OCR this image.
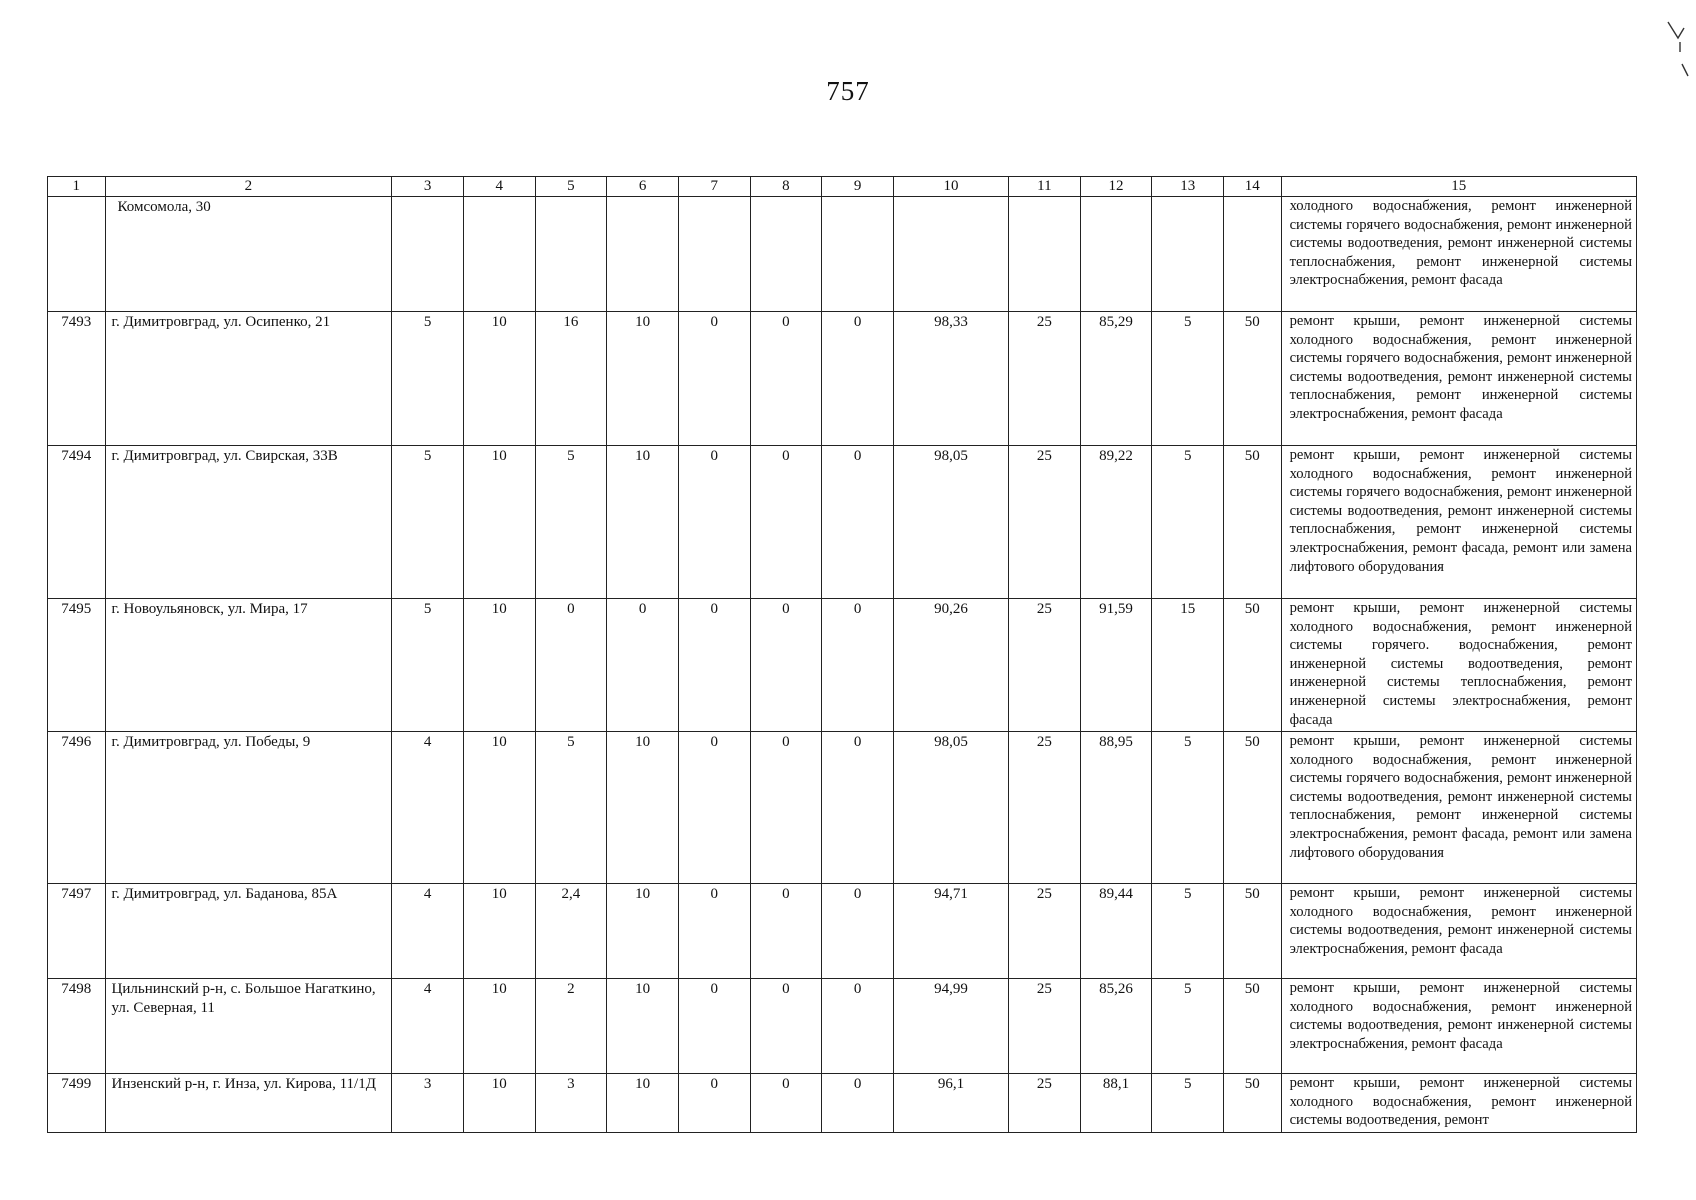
757
1	2	3	4	5	6	7	8	9	10	11	12	13	14	15
	Комсомола, 30													холодного водоснабжения, ремонт инженерной системы горячего водоснабжения, ремонт инженерной системы водоотведения, ремонт инженерной системы теплоснабжения, ремонт инженерной системы электроснабжения, ремонт фасада
7493	г. Димитровград, ул. Осипенко, 21	5	10	16	10	0	0	0	98,33	25	85,29	5	50	ремонт крыши, ремонт инженерной системы холодного водоснабжения, ремонт инженерной системы горячего водоснабжения, ремонт инженерной системы водоотведения, ремонт инженерной системы теплоснабжения, ремонт инженерной системы электроснабжения, ремонт фасада
7494	г. Димитровград, ул. Свирская, 33В	5	10	5	10	0	0	0	98,05	25	89,22	5	50	ремонт крыши, ремонт инженерной системы холодного водоснабжения, ремонт инженерной системы горячего водоснабжения, ремонт инженерной системы водоотведения, ремонт инженерной системы теплоснабжения, ремонт инженерной системы электроснабжения, ремонт фасада, ремонт или замена лифтового оборудования
7495	г. Новоульяновск, ул. Мира, 17	5	10	0	0	0	0	0	90,26	25	91,59	15	50	ремонт крыши, ремонт инженерной системы холодного водоснабжения, ремонт инженерной системы горячего. водоснабжения, ремонт инженерной системы водоотведения, ремонт инженерной системы теплоснабжения, ремонт инженерной системы электроснабжения, ремонт фасада
7496	г. Димитровград, ул. Победы, 9	4	10	5	10	0	0	0	98,05	25	88,95	5	50	ремонт крыши, ремонт инженерной системы холодного водоснабжения, ремонт инженерной системы горячего водоснабжения, ремонт инженерной системы водоотведения, ремонт инженерной системы теплоснабжения, ремонт инженерной системы электроснабжения, ремонт фасада, ремонт или замена лифтового оборудования
7497	г. Димитровград, ул. Баданова, 85А	4	10	2,4	10	0	0	0	94,71	25	89,44	5	50	ремонт крыши, ремонт инженерной системы холодного водоснабжения, ремонт инженерной системы водоотведения, ремонт инженерной системы электроснабжения, ремонт фасада
7498	Цильнинский р-н, с. Большое Нагаткино, ул. Северная, 11	4	10	2	10	0	0	0	94,99	25	85,26	5	50	ремонт крыши, ремонт инженерной системы холодного водоснабжения, ремонт инженерной системы водоотведения, ремонт инженерной системы электроснабжения, ремонт фасада
7499	Инзенский р-н, г. Инза, ул. Кирова, 11/1Д	3	10	3	10	0	0	0	96,1	25	88,1	5	50	ремонт крыши, ремонт инженерной системы холодного водоснабжения, ремонт инженерной системы водоотведения, ремонт
